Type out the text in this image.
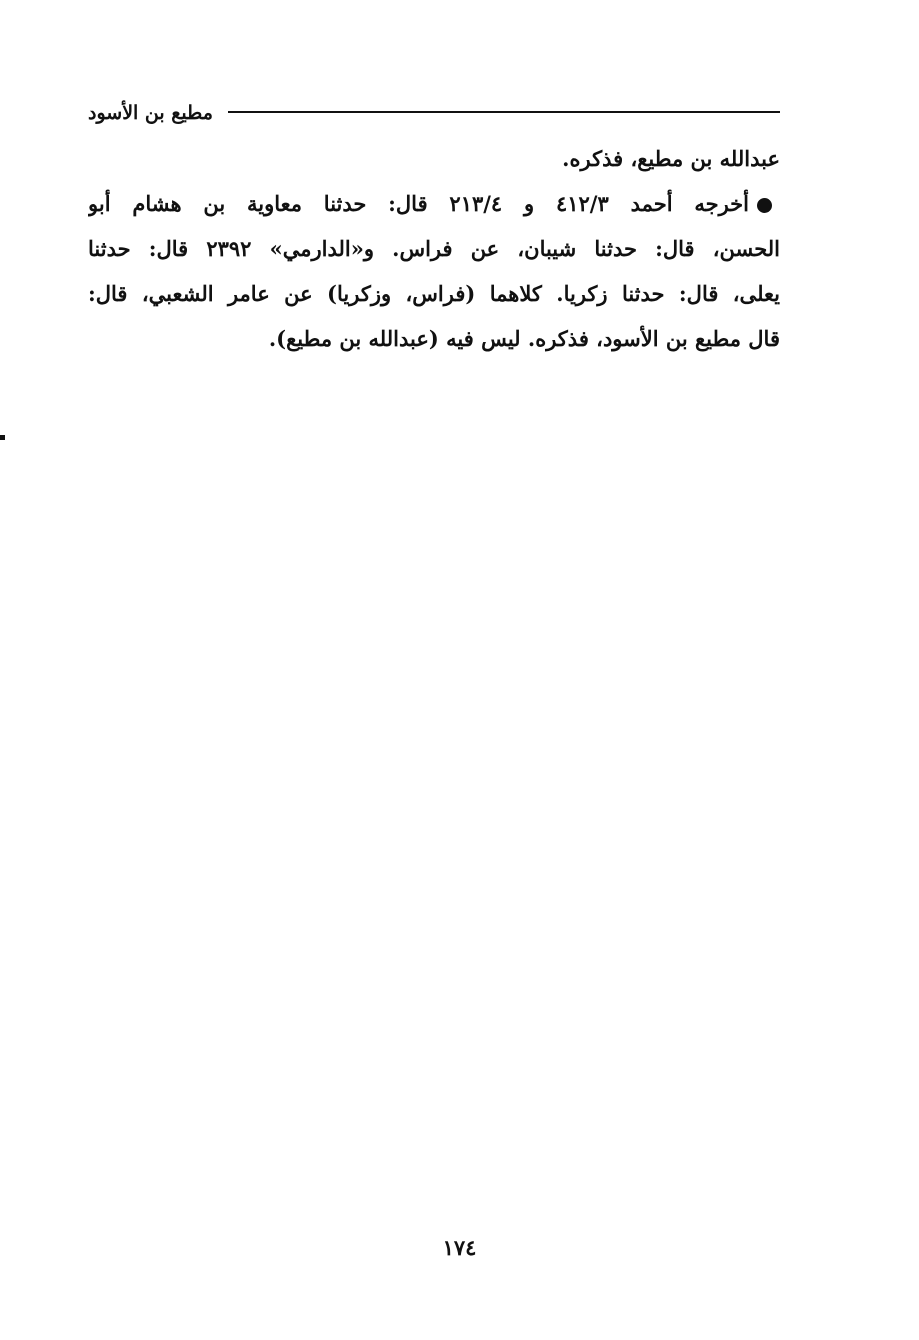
مطيع بن الأسود
عبدالله بن مطيع، فذكره.
أخرجه أحمد ٤١٢/٣ و ٢١٣/٤ قال: حدثنا معاوية بن هشام أبو
الحسن، قال: حدثنا شيبان، عن فراس. و«الدارمي» ٢٣٩٢ قال: حدثنا
يعلى، قال: حدثنا زكريا. كلاهما (فراس، وزكريا) عن عامر الشعبي، قال:
قال مطيع بن الأسود، فذكره. ليس فيه (عبدالله بن مطيع).
١٧٤
